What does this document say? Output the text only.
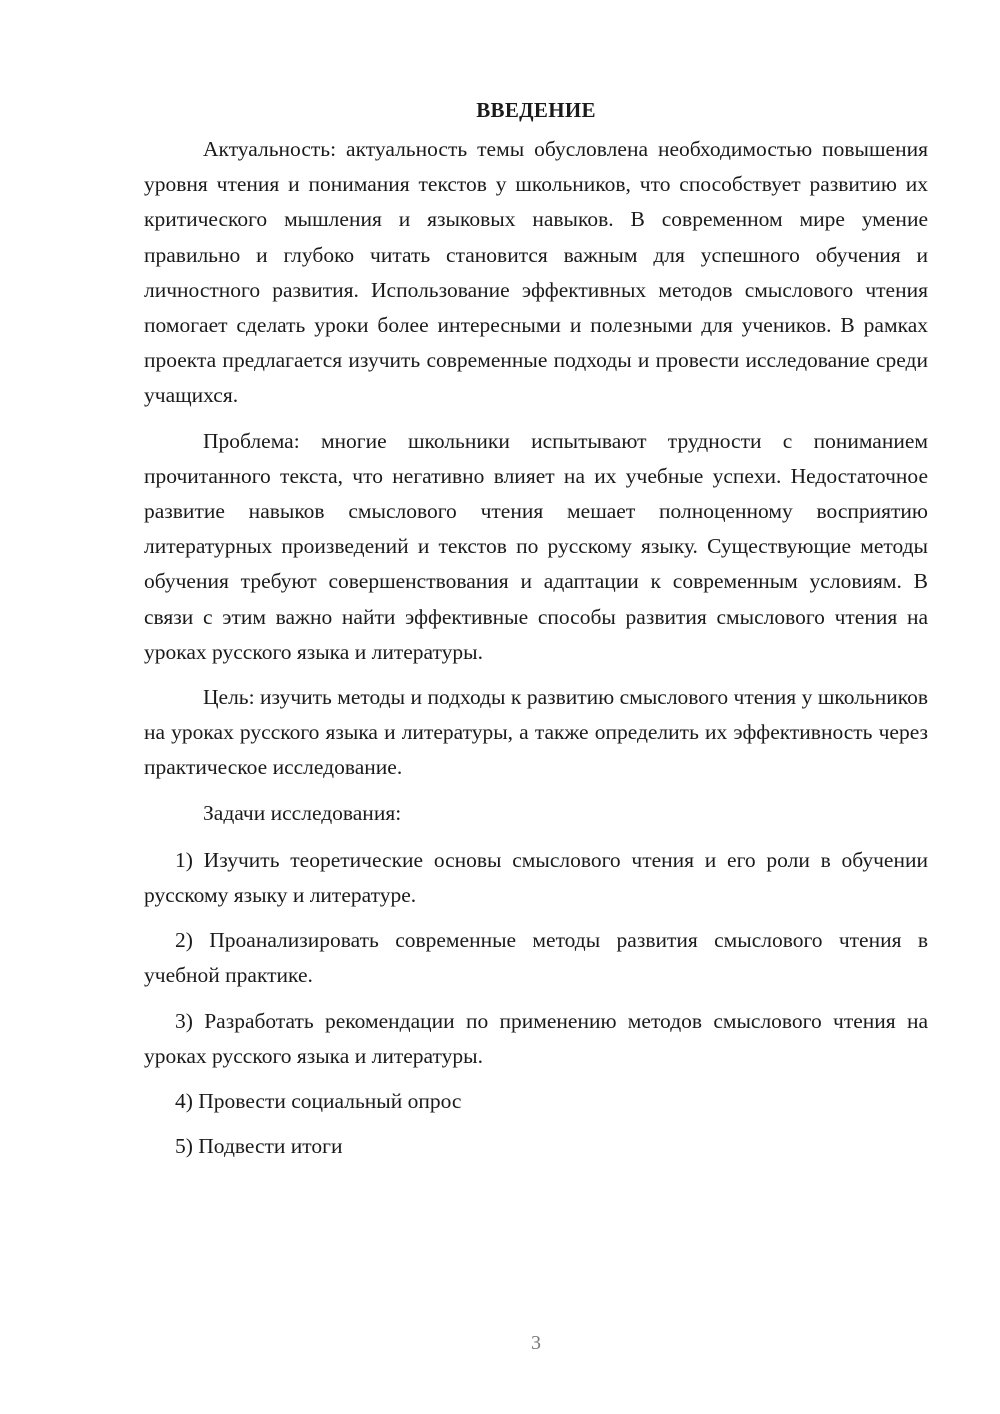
ВВЕДЕНИЕ

Актуальность: актуальность темы обусловлена необходимостью повышения уровня чтения и понимания текстов у школьников, что способствует развитию их критического мышления и языковых навыков. В современном мире умение правильно и глубоко читать становится важным для успешного обучения и личностного развития. Использование эффективных методов смыслового чтения помогает сделать уроки более интересными и полезными для учеников. В рамках проекта предлагается изучить современные подходы и провести исследование среди учащихся.

Проблема: многие школьники испытывают трудности с пониманием прочитанного текста, что негативно влияет на их учебные успехи. Недостаточное развитие навыков смыслового чтения мешает полноценному восприятию литературных произведений и текстов по русскому языку. Существующие методы обучения требуют совершенствования и адаптации к современным условиям. В связи с этим важно найти эффективные способы развития смыслового чтения на уроках русского языка и литературы.

Цель: изучить методы и подходы к развитию смыслового чтения у школьников на уроках русского языка и литературы, а также определить их эффективность через практическое исследование.

Задачи исследования:

1) Изучить теоретические основы смыслового чтения и его роли в обучении русскому языку и литературе.

2) Проанализировать современные методы развития смыслового чтения в учебной практике.

3) Разработать рекомендации по применению методов смыслового чтения на уроках русского языка и литературы.

4) Провести социальный опрос

5) Подвести итоги

3
